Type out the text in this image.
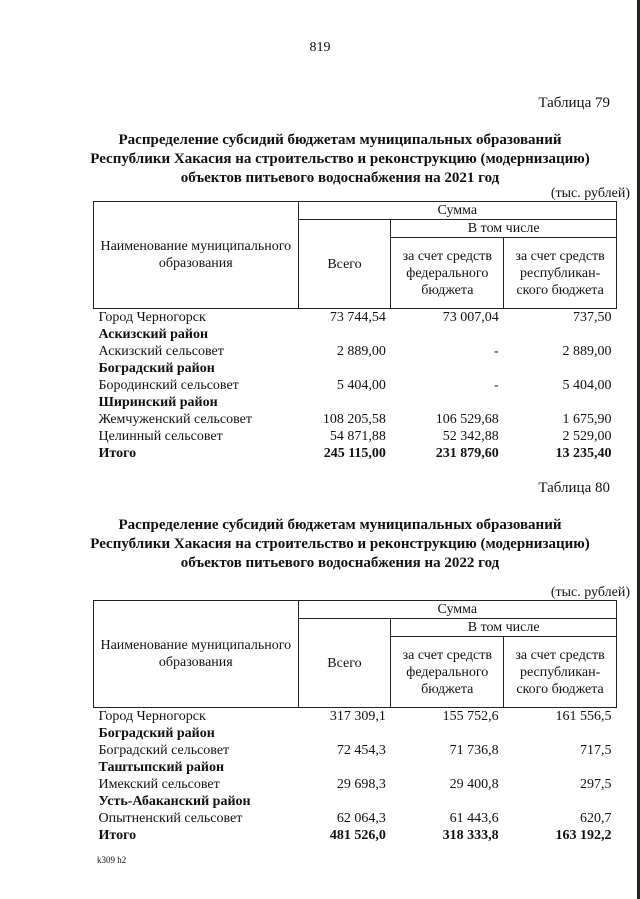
819
Таблица 79
Распределение субсидий бюджетам муниципальных образований
Республики Хакасия на строительство и реконструкцию (модернизацию)
объектов питьевого водоснабжения на 2021 год
(тыс. рублей)
Наименование муниципального образования	Сумма		
	Всего	В том числе	
		за счет средств федерального бюджета	за счет средств республикан-ского бюджета
Город Черногорск	73 744,54	73 007,04	737,50
Аскизский район			
Аскизский сельсовет	2 889,00	-	2 889,00
Боградский район			
Бородинский сельсовет	5 404,00	-	5 404,00
Ширинский район			
Жемчуженский сельсовет	108 205,58	106 529,68	1 675,90
Целинный сельсовет	54 871,88	52 342,88	2 529,00
Итого	245 115,00	231 879,60	13 235,40
Таблица 80
Распределение субсидий бюджетам муниципальных образований
Республики Хакасия на строительство и реконструкцию (модернизацию)
объектов питьевого водоснабжения на 2022 год
(тыс. рублей)
Наименование муниципального образования	Сумма		
	Всего	В том числе	
		за счет средств федерального бюджета	за счет средств республикан-ского бюджета
Город Черногорск	317 309,1	155 752,6	161 556,5
Боградский район			
Боградский сельсовет	72 454,3	71 736,8	717,5
Таштыпский район			
Имекский сельсовет	29 698,3	29 400,8	297,5
Усть-Абаканский район			
Опытненский сельсовет	62 064,3	61 443,6	620,7
Итого	481 526,0	318 333,8	163 192,2
k309 h2
